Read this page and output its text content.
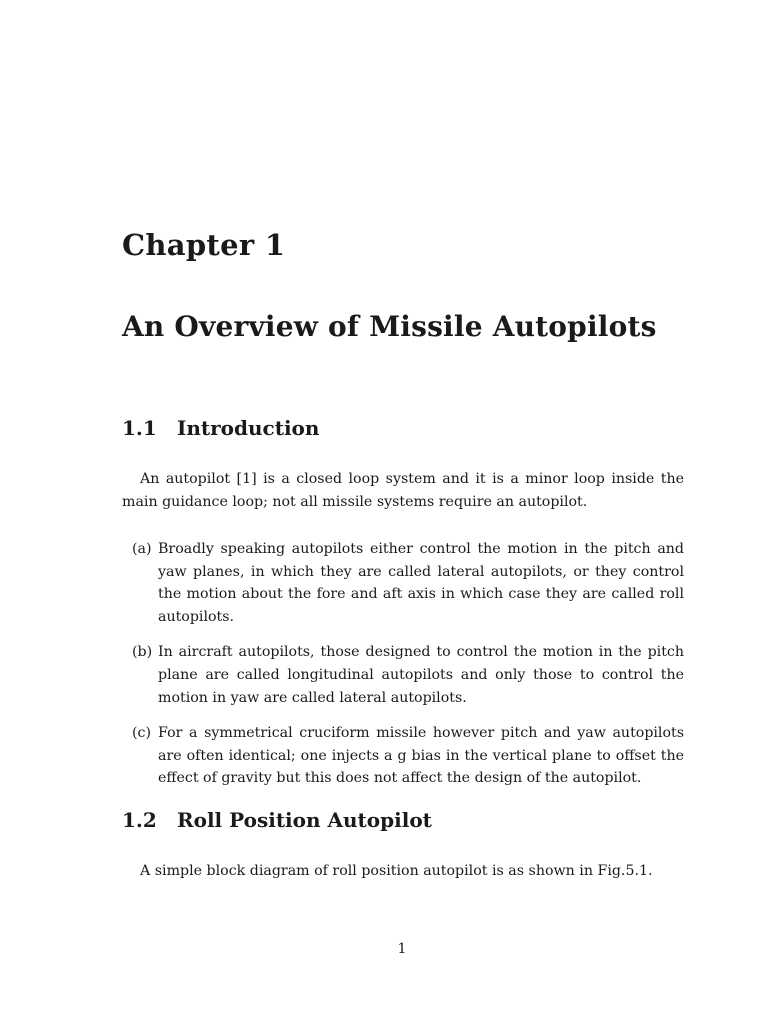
Chapter 1
An Overview of Missile Autopilots
1.1 Introduction
An autopilot [1] is a closed loop system and it is a minor loop inside the main guidance loop; not all missile systems require an autopilot.
(a) Broadly speaking autopilots either control the motion in the pitch and yaw planes, in which they are called lateral autopilots, or they control the motion about the fore and aft axis in which case they are called roll autopilots.
(b) In aircraft autopilots, those designed to control the motion in the pitch plane are called longitudinal autopilots and only those to control the motion in yaw are called lateral autopilots.
(c) For a symmetrical cruciform missile however pitch and yaw autopilots are often identical; one injects a g bias in the vertical plane to offset the effect of gravity but this does not affect the design of the autopilot.
1.2 Roll Position Autopilot
A simple block diagram of roll position autopilot is as shown in Fig.5.1.
1
